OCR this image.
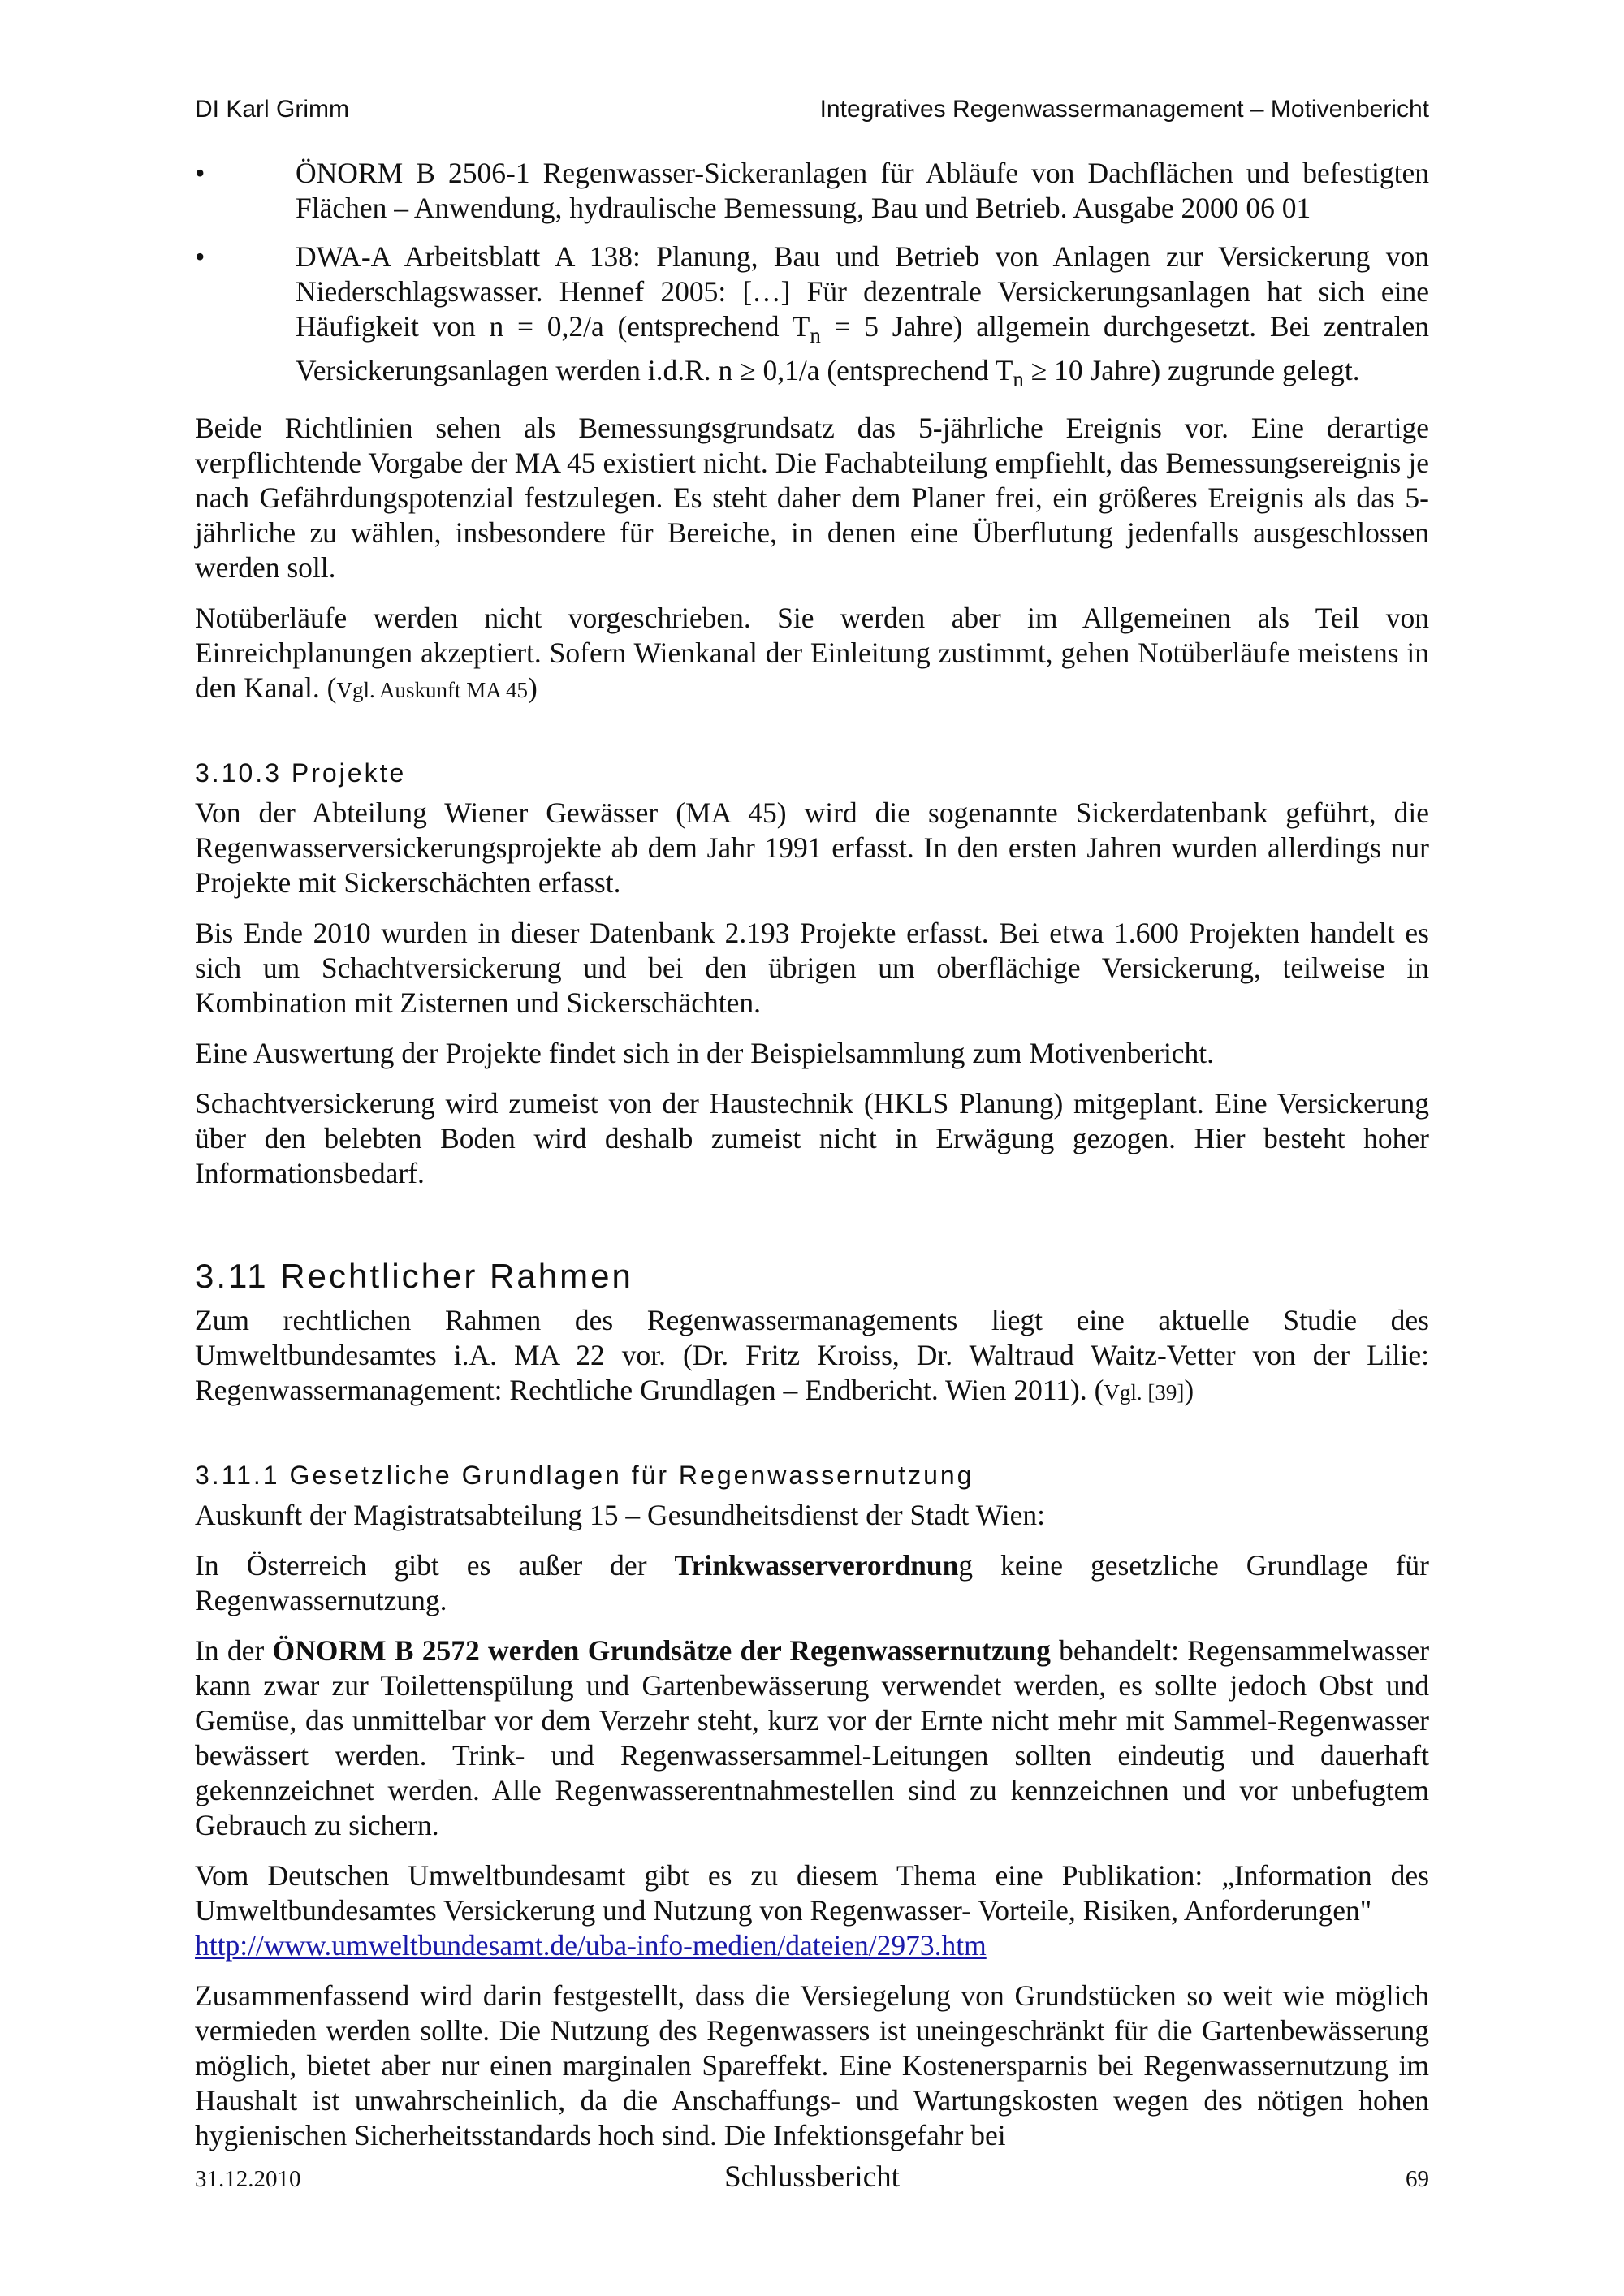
DI Karl Grimm	Integratives Regenwassermanagement – Motivenbericht
•	ÖNORM B 2506-1 Regenwasser-Sickeranlagen für Abläufe von Dachflächen und befestigten Flächen – Anwendung, hydraulische Bemessung, Bau und Betrieb. Ausgabe 2000 06 01
•	DWA-A Arbeitsblatt A 138: Planung, Bau und Betrieb von Anlagen zur Versickerung von Niederschlagswasser. Hennef 2005: […] Für dezentrale Versickerungsanlagen hat sich eine Häufigkeit von n = 0,2/a (entsprechend $T_n = 5$ Jahre) allgemein durchgesetzt. Bei zentralen Versickerungsanlagen werden i.d.R. n ≥ 0,1/a (entsprechend $T_n \ge 10$ Jahre) zugrunde gelegt.

Beide Richtlinien sehen als Bemessungsgrundsatz das 5-jährliche Ereignis vor. Eine derartige verpflichtende Vorgabe der MA 45 existiert nicht. Die Fachabteilung empfiehlt, das Bemessungsereignis je nach Gefährdungspotenzial festzulegen. Es steht daher dem Planer frei, ein größeres Ereignis als das 5-jährliche zu wählen, insbesondere für Bereiche, in denen eine Überflutung jedenfalls ausgeschlossen werden soll.

Notüberläufe werden nicht vorgeschrieben. Sie werden aber im Allgemeinen als Teil von Einreichplanungen akzeptiert. Sofern Wienkanal der Einleitung zustimmt, gehen Notüberläufe meistens in den Kanal. (Vgl. Auskunft MA 45)

3.10.3 Projekte

Von der Abteilung Wiener Gewässer (MA 45) wird die sogenannte Sickerdatenbank geführt, die Regenwasserversickerungsprojekte ab dem Jahr 1991 erfasst. In den ersten Jahren wurden allerdings nur Projekte mit Sickerschächten erfasst.

Bis Ende 2010 wurden in dieser Datenbank 2.193 Projekte erfasst. Bei etwa 1.600 Projekten handelt es sich um Schachtversickerung und bei den übrigen um oberflächige Versickerung, teilweise in Kombination mit Zisternen und Sickerschächten.

Eine Auswertung der Projekte findet sich in der Beispielsammlung zum Motivenbericht.

Schachtversickerung wird zumeist von der Haustechnik (HKLS Planung) mitgeplant. Eine Versickerung über den belebten Boden wird deshalb zumeist nicht in Erwägung gezogen. Hier besteht hoher Informationsbedarf.

3.11 Rechtlicher Rahmen

Zum rechtlichen Rahmen des Regenwassermanagements liegt eine aktuelle Studie des Umweltbundesamtes i.A. MA 22 vor. (Dr. Fritz Kroiss, Dr. Waltraud Waitz-Vetter von der Lilie: Regenwassermanagement: Rechtliche Grundlagen – Endbericht. Wien 2011). (Vgl. [39])

3.11.1 Gesetzliche Grundlagen für Regenwassernutzung

Auskunft der Magistratsabteilung 15 – Gesundheitsdienst der Stadt Wien:

In Österreich gibt es außer der Trinkwasserverordnung keine gesetzliche Grundlage für Regenwassernutzung.

In der ÖNORM B 2572 werden Grundsätze der Regenwassernutzung behandelt: Regensammelwasser kann zwar zur Toilettenspülung und Gartenbewässerung verwendet werden, es sollte jedoch Obst und Gemüse, das unmittelbar vor dem Verzehr steht, kurz vor der Ernte nicht mehr mit Sammel-Regenwasser bewässert werden. Trink- und Regenwassersammel-Leitungen sollten eindeutig und dauerhaft gekennzeichnet werden. Alle Regenwasserentnahmestellen sind zu kennzeichnen und vor unbefugtem Gebrauch zu sichern.

Vom Deutschen Umweltbundesamt gibt es zu diesem Thema eine Publikation: „Information des Umweltbundesamtes Versickerung und Nutzung von Regenwasser- Vorteile, Risiken, Anforderungen"
http://www.umweltbundesamt.de/uba-info-medien/dateien/2973.htm

Zusammenfassend wird darin festgestellt, dass die Versiegelung von Grundstücken so weit wie möglich vermieden werden sollte. Die Nutzung des Regenwassers ist uneingeschränkt für die Gartenbewässerung möglich, bietet aber nur einen marginalen Spareffekt. Eine Kostenersparnis bei Regenwassernutzung im Haushalt ist unwahrscheinlich, da die Anschaffungs- und Wartungskosten wegen des nötigen hohen hygienischen Sicherheitsstandards hoch sind. Die Infektionsgefahr bei

31.12.2010	Schlussbericht	69
